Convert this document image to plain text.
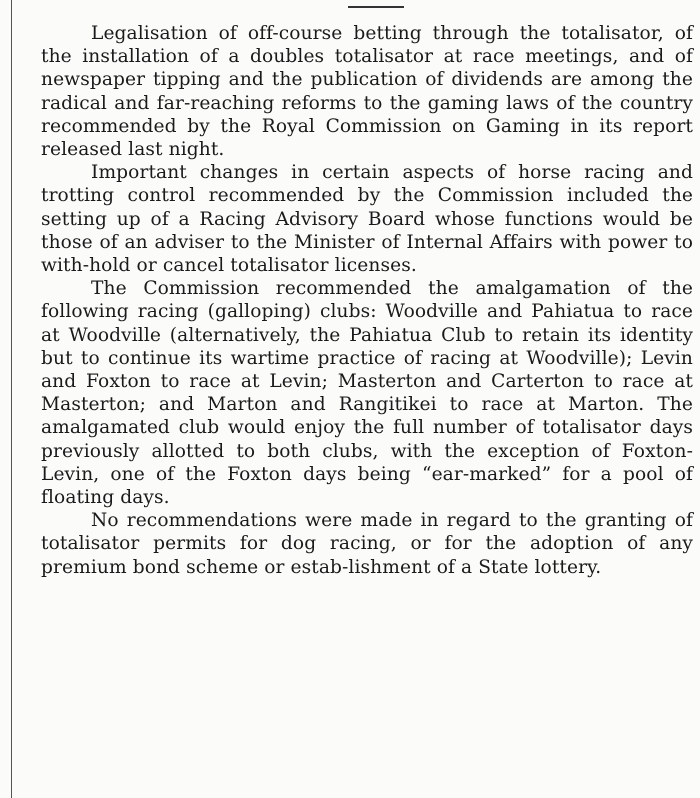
Legalisation of off-course betting through the totalisator, of the installation of a doubles totalisator at race meetings, and of newspaper tipping and the publication of dividends are among the radical and far-reaching reforms to the gaming laws of the country recommended by the Royal Commission on Gaming in its report released last night.

Important changes in certain aspects of horse racing and trotting control recommended by the Commission included the setting up of a Racing Advisory Board whose functions would be those of an adviser to the Minister of Internal Affairs with power to with-hold or cancel totalisator licenses.

The Commission recommended the amalgamation of the following racing (galloping) clubs: Woodville and Pahiatua to race at Woodville (alternatively, the Pahiatua Club to retain its identity but to continue its wartime practice of racing at Woodville); Levin and Foxton to race at Levin; Masterton and Carterton to race at Masterton; and Marton and Rangitikei to race at Marton. The amalgamated club would enjoy the full number of totalisator days previously allotted to both clubs, with the exception of Foxton-Levin, one of the Foxton days being “ear-marked” for a pool of floating days.

No recommendations were made in regard to the granting of totalisator permits for dog racing, or for the adoption of any premium bond scheme or estab-lishment of a State lottery.
